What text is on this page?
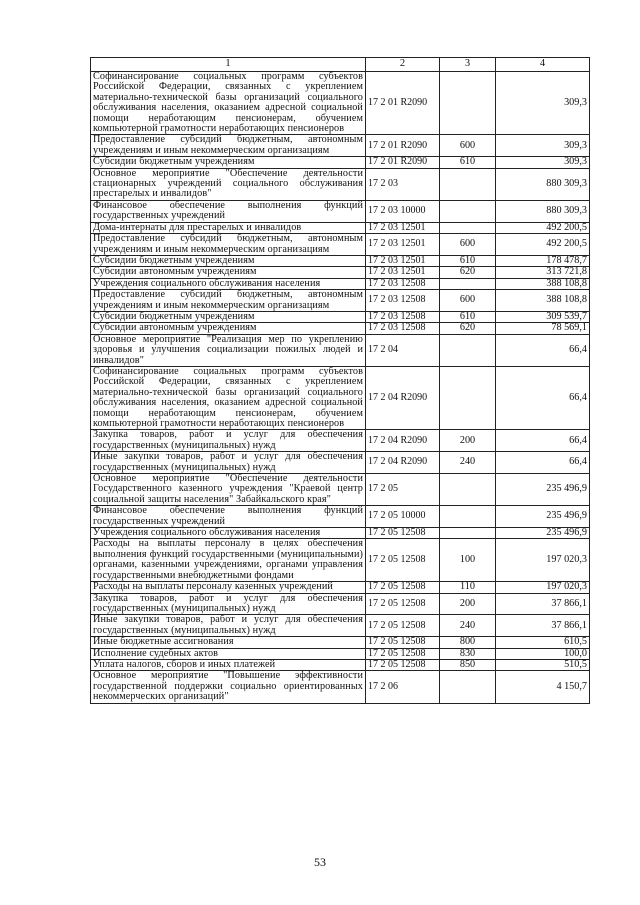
1	2	3	4
Софинансирование социальных программ субъектов Российской Федерации, связанных с укреплением материально-технической базы организаций социального обслуживания населения, оказанием адресной социальной помощи неработающим пенсионерам, обучением компьютерной грамотности неработающих пенсионеров	17 2 01 R2090		309,3
Предоставление субсидий бюджетным, автономным учреждениям и иным некоммерческим организациям	17 2 01 R2090	600	309,3
Субсидии бюджетным учреждениям	17 2 01 R2090	610	309,3
Основное мероприятие "Обеспечение деятельности стационарных учреждений социального обслуживания престарелых и инвалидов"	17 2 03		880 309,3
Финансовое обеспечение выполнения функций государственных учреждений	17 2 03 10000		880 309,3
Дома-интернаты для престарелых и инвалидов	17 2 03 12501		492 200,5
Предоставление субсидий бюджетным, автономным учреждениям и иным некоммерческим организациям	17 2 03 12501	600	492 200,5
Субсидии бюджетным учреждениям	17 2 03 12501	610	178 478,7
Субсидии автономным учреждениям	17 2 03 12501	620	313 721,8
Учреждения социального обслуживания населения	17 2 03 12508		388 108,8
Предоставление субсидий бюджетным, автономным учреждениям и иным некоммерческим организациям	17 2 03 12508	600	388 108,8
Субсидии бюджетным учреждениям	17 2 03 12508	610	309 539,7
Субсидии автономным учреждениям	17 2 03 12508	620	78 569,1
Основное мероприятие "Реализация мер по укреплению здоровья и улучшения социализации пожилых людей и инвалидов"	17 2 04		66,4
Софинансирование социальных программ субъектов Российской Федерации, связанных с укреплением материально-технической базы организаций социального обслуживания населения, оказанием адресной социальной помощи неработающим пенсионерам, обучением компьютерной грамотности неработающих пенсионеров	17 2 04 R2090		66,4
Закупка товаров, работ и услуг для обеспечения государственных (муниципальных) нужд	17 2 04 R2090	200	66,4
Иные закупки товаров, работ и услуг для обеспечения государственных (муниципальных) нужд	17 2 04 R2090	240	66,4
Основное мероприятие "Обеспечение деятельности Государственного казенного учреждения "Краевой центр социальной защиты населения" Забайкальского края"	17 2 05		235 496,9
Финансовое обеспечение выполнения функций государственных учреждений	17 2 05 10000		235 496,9
Учреждения социального обслуживания населения	17 2 05 12508		235 496,9
Расходы на выплаты персоналу в целях обеспечения выполнения функций государственными (муниципальными) органами, казенными учреждениями, органами управления государственными внебюджетными фондами	17 2 05 12508	100	197 020,3
Расходы на выплаты персоналу казенных учреждений	17 2 05 12508	110	197 020,3
Закупка товаров, работ и услуг для обеспечения государственных (муниципальных) нужд	17 2 05 12508	200	37 866,1
Иные закупки товаров, работ и услуг для обеспечения государственных (муниципальных) нужд	17 2 05 12508	240	37 866,1
Иные бюджетные ассигнования	17 2 05 12508	800	610,5
Исполнение судебных актов	17 2 05 12508	830	100,0
Уплата налогов, сборов и иных платежей	17 2 05 12508	850	510,5
Основное мероприятие "Повышение эффективности государственной поддержки социально ориентированных некоммерческих организаций"	17 2 06		4 150,7
53
